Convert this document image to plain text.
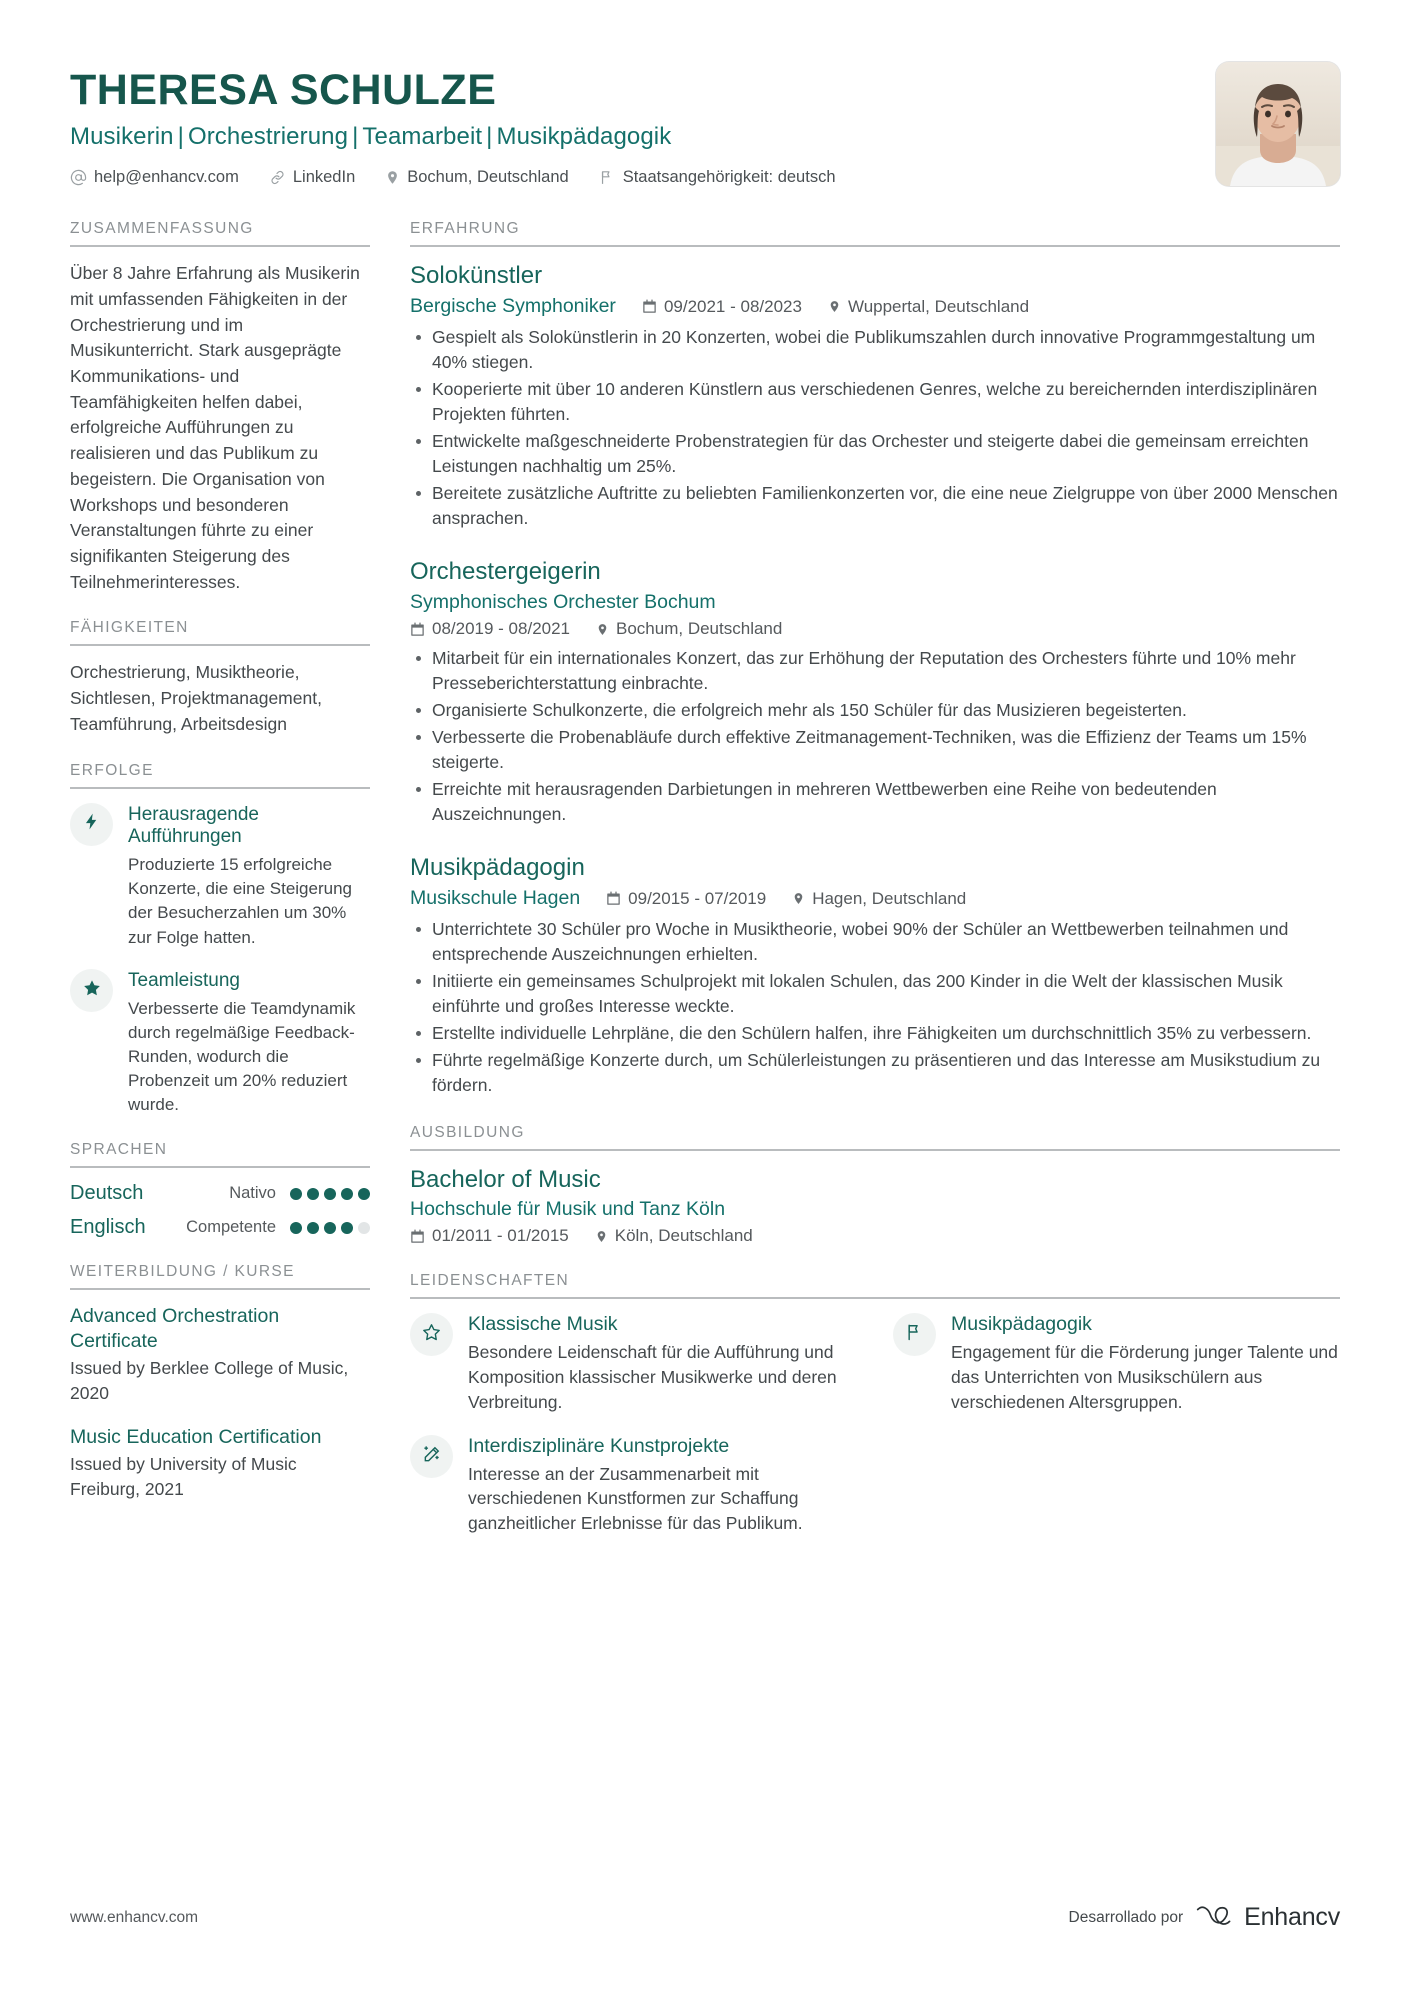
THERESA SCHULZE
Musikerin | Orchestrierung | Teamarbeit | Musikpädagogik
help@enhancv.com	LinkedIn	Bochum, Deutschland	Staatsangehörigkeit: deutsch
ZUSAMMENFASSUNG
Über 8 Jahre Erfahrung als Musikerin mit umfassenden Fähigkeiten in der Orchestrierung und im Musikunterricht. Stark ausgeprägte Kommunikations- und Teamfähigkeiten helfen dabei, erfolgreiche Aufführungen zu realisieren und das Publikum zu begeistern. Die Organisation von Workshops und besonderen Veranstaltungen führte zu einer signifikanten Steigerung des Teilnehmerinteresses.
FÄHIGKEITEN
Orchestrierung, Musiktheorie, Sichtlesen, Projektmanagement, Teamführung, Arbeitsdesign
ERFOLGE
Herausragende Aufführungen
Produzierte 15 erfolgreiche Konzerte, die eine Steigerung der Besucherzahlen um 30% zur Folge hatten.
Teamleistung
Verbesserte die Teamdynamik durch regelmäßige Feedback-Runden, wodurch die Probenzeit um 20% reduziert wurde.
SPRACHEN
Deutsch	Nativo
Englisch Competente
WEITERBILDUNG / KURSE
Advanced Orchestration Certificate
Issued by Berklee College of Music, 2020
Music Education Certification
Issued by University of Music Freiburg, 2021
ERFAHRUNG
Solokünstler
Bergische Symphoniker	09/2021 - 08/2023	Wuppertal, Deutschland
Gespielt als Solokünstlerin in 20 Konzerten, wobei die Publikumszahlen durch innovative Programmgestaltung um 40% stiegen.
Kooperierte mit über 10 anderen Künstlern aus verschiedenen Genres, welche zu bereichernden interdisziplinären Projekten führten.
Entwickelte maßgeschneiderte Probenstrategien für das Orchester und steigerte dabei die gemeinsam erreichten Leistungen nachhaltig um 25%.
Bereitete zusätzliche Auftritte zu beliebten Familienkonzerten vor, die eine neue Zielgruppe von über 2000 Menschen ansprachen.
Orchestergeigerin
Symphonisches Orchester Bochum
08/2019 - 08/2021	Bochum, Deutschland
Mitarbeit für ein internationales Konzert, das zur Erhöhung der Reputation des Orchesters führte und 10% mehr Presseberichterstattung einbrachte.
Organisierte Schulkonzerte, die erfolgreich mehr als 150 Schüler für das Musizieren begeisterten.
Verbesserte die Probenabläufe durch effektive Zeitmanagement-Techniken, was die Effizienz der Teams um 15% steigerte.
Erreichte mit herausragenden Darbietungen in mehreren Wettbewerben eine Reihe von bedeutenden Auszeichnungen.
Musikpädagogin
Musikschule Hagen	09/2015 - 07/2019	Hagen, Deutschland
Unterrichtete 30 Schüler pro Woche in Musiktheorie, wobei 90% der Schüler an Wettbewerben teilnahmen und entsprechende Auszeichnungen erhielten.
Initiierte ein gemeinsames Schulprojekt mit lokalen Schulen, das 200 Kinder in die Welt der klassischen Musik einführte und großes Interesse weckte.
Erstellte individuelle Lehrpläne, die den Schülern halfen, ihre Fähigkeiten um durchschnittlich 35% zu verbessern.
Führte regelmäßige Konzerte durch, um Schülerleistungen zu präsentieren und das Interesse am Musikstudium zu fördern.
AUSBILDUNG
Bachelor of Music
Hochschule für Musik und Tanz Köln
01/2011 - 01/2015	Köln, Deutschland
LEIDENSCHAFTEN
Klassische Musik
Besondere Leidenschaft für die Aufführung und Komposition klassischer Musikwerke und deren Verbreitung.
Musikpädagogik
Engagement für die Förderung junger Talente und das Unterrichten von Musikschülern aus verschiedenen Altersgruppen.
Interdisziplinäre Kunstprojekte
Interesse an der Zusammenarbeit mit verschiedenen Kunstformen zur Schaffung ganzheitlicher Erlebnisse für das Publikum.
www.enhancv.com	Desarrollado por Enhancv
